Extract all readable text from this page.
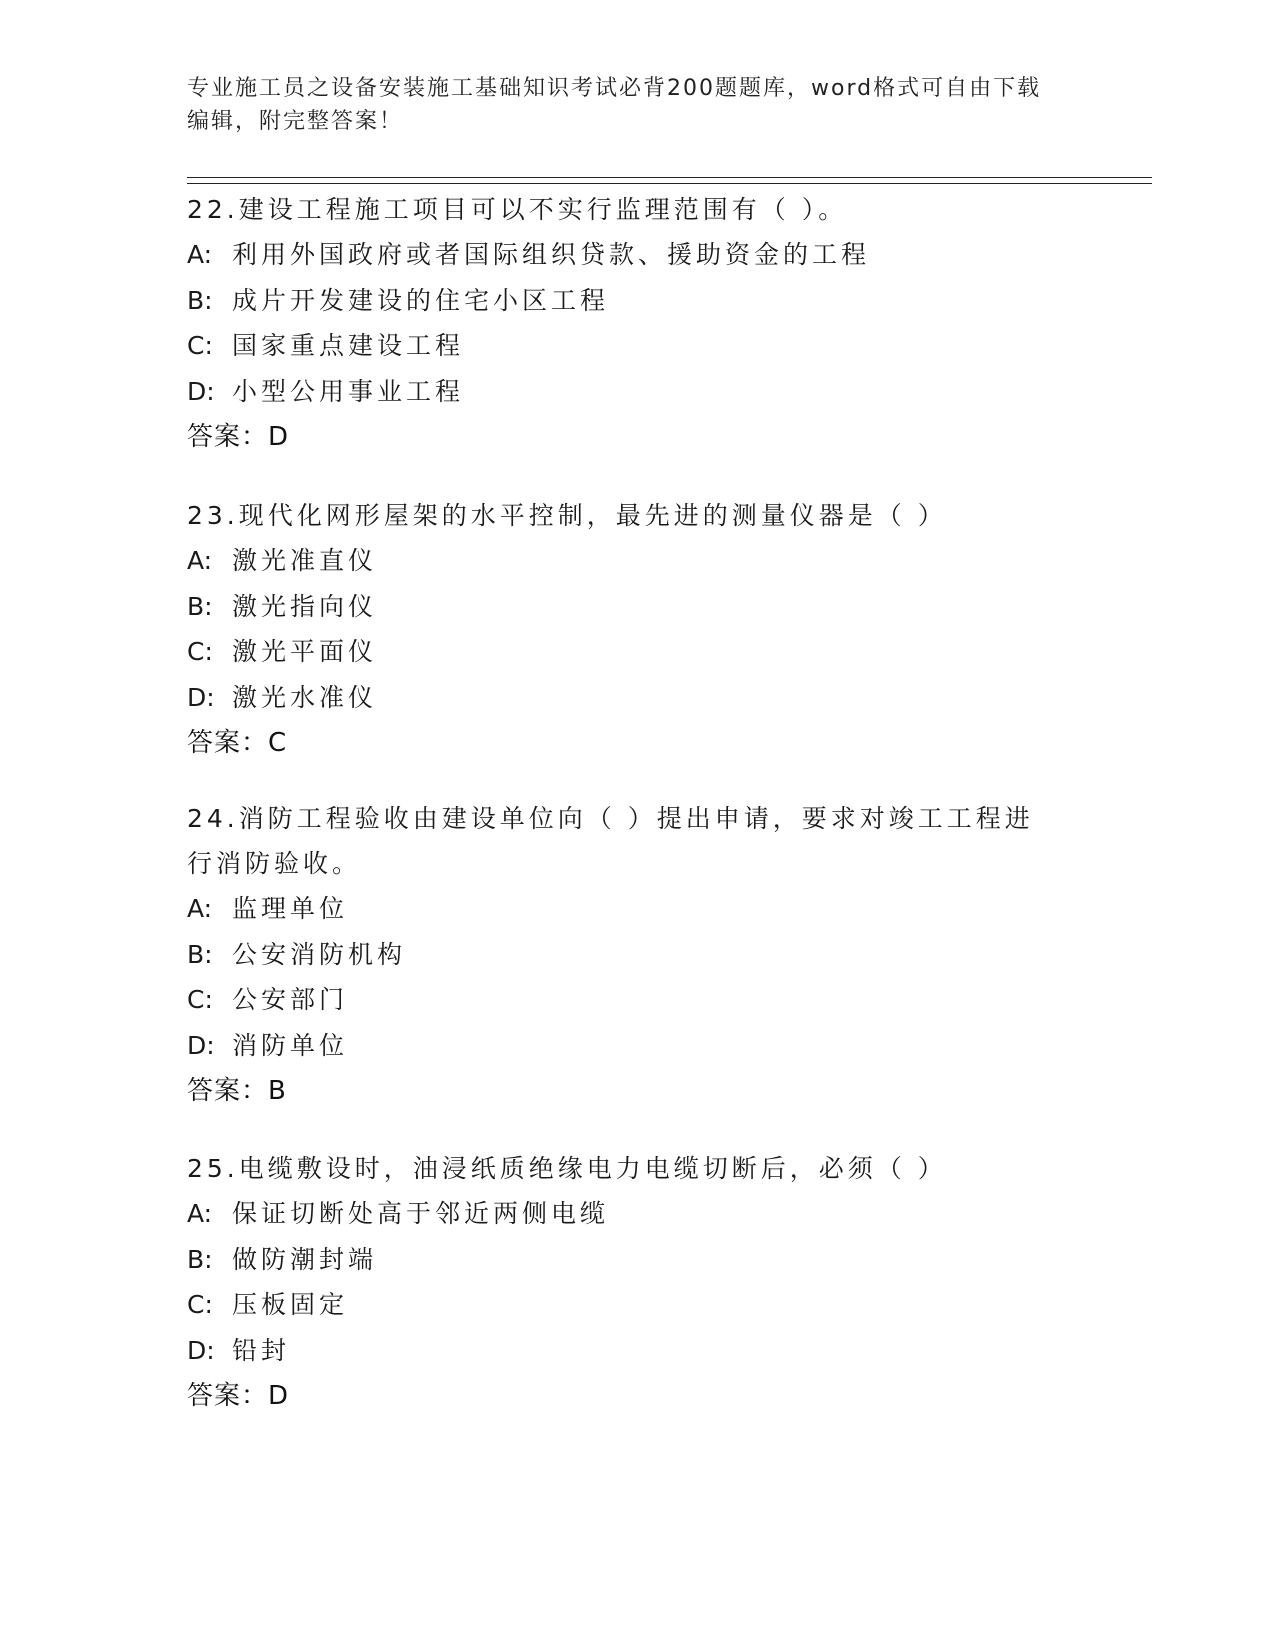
专业施工员之设备安装施工基础知识考试必背200题题库，word格式可自由下载
编辑，附完整答案！
22.建设工程施工项目可以不实行监理范围有（ ）。
A: 利用外国政府或者国际组织贷款、援助资金的工程
B: 成片开发建设的住宅小区工程
C: 国家重点建设工程
D: 小型公用事业工程
答案：D
23.现代化网形屋架的水平控制，最先进的测量仪器是（ ）
A: 激光准直仪
B: 激光指向仪
C: 激光平面仪
D: 激光水准仪
答案：C
24.消防工程验收由建设单位向（ ）提出申请，要求对竣工工程进行消防验收。
A: 监理单位
B: 公安消防机构
C: 公安部门
D: 消防单位
答案：B
25.电缆敷设时，油浸纸质绝缘电力电缆切断后，必须（ ）
A: 保证切断处高于邻近两侧电缆
B: 做防潮封端
C: 压板固定
D: 铅封
答案：D
